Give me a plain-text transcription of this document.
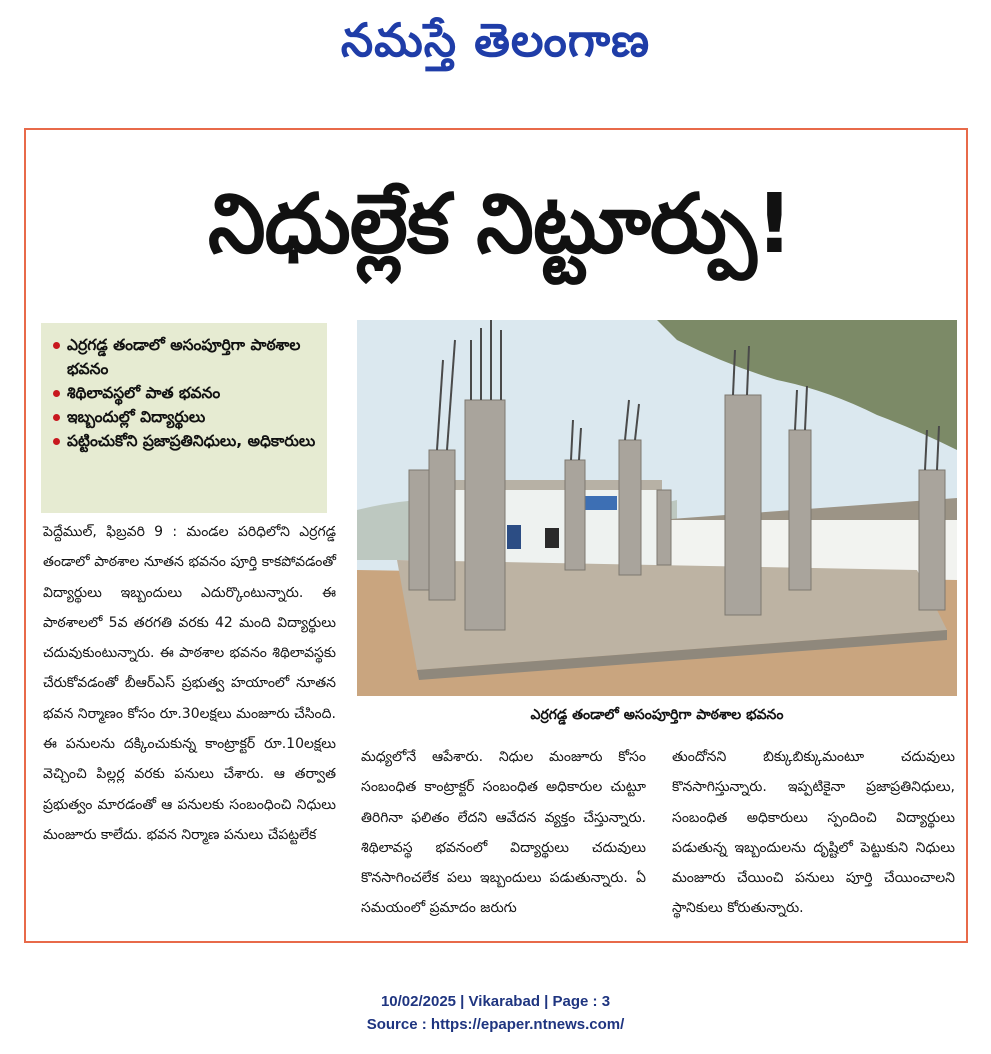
నమస్తే తెలంగాణ
నిధుల్లేక నిట్టూర్పు!
ఎర్రగడ్డ తండాలో అసంపూర్తిగా పాఠశాల భవనం
శిథిలావస్థలో పాత భవనం
ఇబ్బందుల్లో విద్యార్థులు
పట్టించుకోని ప్రజాప్రతినిధులు, అధికారులు
ఎర్రగడ్డ తండాలో అసంపూర్తిగా పాఠశాల భవనం

పెద్దేముల్, ఫిబ్రవరి 9 : మండల పరిధిలోని ఎర్రగడ్డ తండాలో పాఠశాల నూతన భవనం పూర్తి కాకపోవడంతో విద్యార్థులు ఇబ్బందులు ఎదుర్కొంటున్నారు. ఈ పాఠశాలలో 5వ తరగతి వరకు 42 మంది విద్యార్థులు చదువుకుంటున్నారు. ఈ పాఠశాల భవనం శిథిలావస్థకు చేరుకోవడంతో బీఆర్ఎస్ ప్రభుత్వ హయాంలో నూతన భవన నిర్మాణం కోసం రూ.30లక్షలు మంజూరు చేసింది. ఈ పనులను దక్కించుకున్న కాంట్రాక్టర్ రూ.10లక్షలు వెచ్చించి పిల్లర్ల వరకు పనులు చేశారు. ఆ తర్వాత ప్రభుత్వం మారడంతో ఆ పనులకు సంబంధించి నిధులు మంజూరు కాలేదు. భవన నిర్మాణ పనులు చేపట్టలేక

మధ్యలోనే ఆపేశారు. నిధుల మంజూరు కోసం సంబంధిత కాంట్రాక్టర్ సంబంధిత అధికారుల చుట్టూ తిరిగినా ఫలితం లేదని ఆవేదన వ్యక్తం చేస్తున్నారు. శిథిలావస్థ భవనంలో విద్యార్థులు చదువులు కొనసాగించలేక పలు ఇబ్బందులు పడుతున్నారు. ఏ సమయంలో ప్రమాదం జరుగు

తుందోనని బిక్కుబిక్కుమంటూ చదువులు కొనసాగిస్తున్నారు. ఇప్పటికైనా ప్రజాప్రతినిధులు, సంబంధిత అధికారులు స్పందించి విద్యార్థులు పడుతున్న ఇబ్బందులను దృష్టిలో పెట్టుకుని నిధులు మంజూరు చేయించి పనులు పూర్తి చేయించాలని స్థానికులు కోరుతున్నారు.

10/02/2025 | Vikarabad | Page : 3
Source : https://epaper.ntnews.com/
